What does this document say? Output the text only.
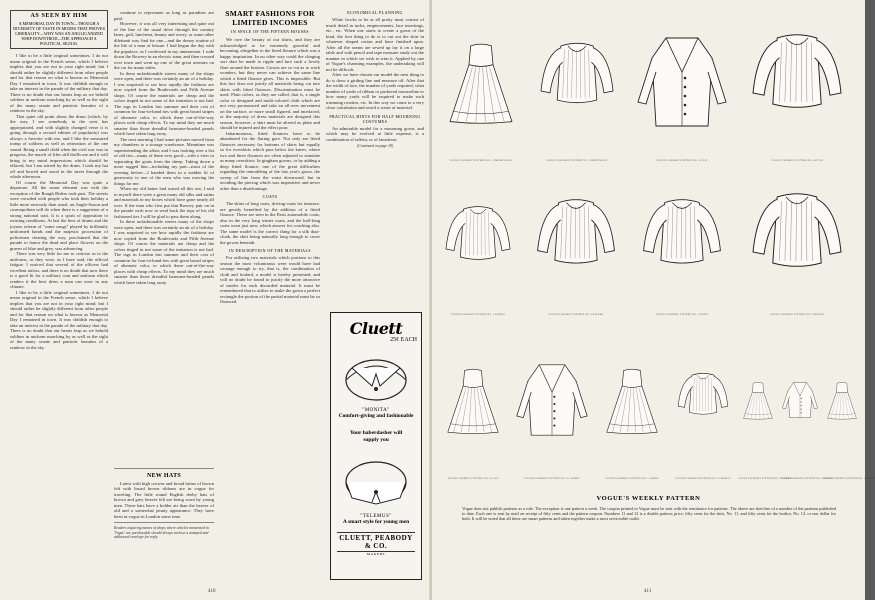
AS SEEN BY HIM
A MEMORIAL DAY IN TOWN—THOUGH A DIVERSITY OF TASTE IN MODES THAT PROVES LIBERALITY—WHY WAS AN ANGLICANIZED WHIP DOWNTROD—THE APPROACH A POLITICAL SIGNAL

I like to be a little original sometimes. I do not mean original in the French sense, which I believe implies that you are not in your right mind; but I should rather be slightly different from other people and for that reason on what is known as Memorial Day I remained in town. It was childish enough to take an interest in the parade of the military that day. There is no doubt that our hearts leap as we behold soldiers in uniform marching by as well as the sight of the many ornate and patriotic beauties of a rainbow in the sky.

That quiet old point about the drum (which, by the way, I see somebody in the west has appropriated, and with slightly changed verse it is going through a second edition of popularity) was always a favorite with me, and I like the measured tramp of soldiers as well as reiteration of the one sound. Being a small child when the civil war was in progress, the march of fifes still thrills me and it will bring to my mind impressions which should be effaced, but I am stirred by the drum. I took my hat off and bowed and stood in the street through the whole afternoon.

Of course the Memorial Day was quite a departure. All the smart element was with the exception of the Rough Riders took part. The streets were crowded with people who took their holiday a little more seriously than usual, an Anglo-Saxon and cosmopolitan will do when there is a suggestion of a strong national trait. It is a spirit of opposition to existing conditions. At last the best of drums and the joyous refrain of "some songs" played by brilliantly uniformed bands and the majestic procession of policemen clearing the way, proclaimed that the parade to honor the dead and place flowers on the graves of blue and grey, was advancing.

There was very little for me to criticise as to the uniforms, as they were, as I have said, the official fatigue. I noticed that several of the officers had excellent tailors, and there is no doubt that now there is a good fit for a military coat and uniform which renders it the best dress a man can wear in any climate.

I like to be a little original sometimes. I do not mean original in the French sense, which I believe implies that you are not in your right mind; but I should rather be slightly different from other people and for that reason on what is known as Memorial Day I remained in town. It was childish enough to take an interest in the parade of the military that day. There is no doubt that our hearts leap as we behold soldiers in uniform marching by as well as the sight of the many ornate and patriotic beauties of a rainbow in the sky.

continue to rejuvenate as long as paradises are paid.

However, it was all very interesting and quite out of the line of the usual drive through the country lanes, golf, luncheon, beauty and worry, or some other dilettanti way find for one—and the dreary routine of the life of a man of leisure. I had begun the day with the populace, as I confessed in my amusement. I rode down the Bowery in an electric tram, and then crossed over town and went up one of the great avenues on the car for many miles.

In these unfashionable streets many of the shops were open, and there was certainly an air of a holiday. I was surprised to see how rapidly the fashions are now copied from the Boulevards and Fifth Avenue shops. Of course the materials are cheap and the colors tinged in not some of the imitation is not bad. The tags in London last summer and their cost of common for four-in-hand ties with great broad stripes of alternate color, to which these out-of-the-way places with cheap effects. To my mind they are much smarter than those dreadful hansome-headed panels which have taken long away.

The next morning I had some pictures moved from my chambers to a storage warehouse. Meantime was superintending the affair, and I was looking over a list of old ties—many of them very good—with a view to separating the goats from the sheep. Taking down a more rugged line—including my part—most of the evening before—I handed them in a sudden fit of generosity to one of the men who was moving the things for me.

When my old hatter had sorted all this out, I said to myself there were a great many old silks and satins and materials in my boxes which have gone nearly all over. If the man who first put that Bowery pair on in the parade wish now to send back the tops of his old fashioned ties I will be glad to pass them along.

In these unfashionable streets many of the shops were open, and there was certainly an air of a holiday. I was surprised to see how rapidly the fashions are now copied from the Boulevards and Fifth Avenue shops. Of course the materials are cheap and the colors tinged in not some of the imitation is not bad. The tags in London last summer and their cost of common for four-in-hand ties with great broad stripes of alternate color, to which these out-of-the-way places with cheap effects. To my mind they are much smarter than those dreadful hansome-headed panels which have taken long away.

NEW HATS

Latest with high crowns and broad brims of brown felt with broad brown ribbons are in vogue for traveling. The little round English derby hats of brown and grey beaver felt are being worn by young men. These hats have a bolder air than the beaver of old and a somewhat jaunty appearance. They have been in vogue in London some time.

Readers inquiring names of shops where articles mentioned in 'Vogue' are purchasable should always enclose a stamped and addressed envelope for reply.
SMART FASHIONS FOR LIMITED INCOMES
IN SPACE OF THE FIFTEEN HOUSES

We owe the beauty of our shirts, and they are acknowledged to be extremely graceful and becoming, altogether to the fitted flounce which was a happy inspiration. In no other way could the clinging sort skirt be made to ripple and lure such a lovely flare around the bottom. Gowns are so cut as to work wonders, but they never can achieve the same line which a fitted flounce gives. This is impossible. But this fact does not justify all materials being cut into skirts with fitted flounces. Discrimination must be used. Plain colors, as they are called, that is, a single color or designed and multi-colored cloth which are not very pronounced and take an all-over movement on the surface, or more small figured, and interlaced, or the majority of dress materials are designed this season, however, a skirt must be altered as plain and should be injured and the effect poor.

Inharmonious, fitted flounces have to be abandoned for the flaring gore. Not only are fitted flounces necessary for bottoms of skirts but equally so for overskirts which pass below the knees, where two and three flounces are often adjusted to simulate as many overskirts. In gingham gowns, or by adding a deep fitted flounce, one of the great difficulties regarding the remodeling of the last year's gown, the sweep of line from the waist downward, but in avoiding the piecing which was imperative and never other than a disadvantage.

COATS

The skirts of long coats, driving-coats for instance, are greatly benefited by the addition of a fitted flounce. These are seen in the Paris automobile coats, also in the very long winter coats, and the half-long coats worn just now, which answer for coaching also. The same model is the correct thing for a silk dust-cloak, the skirt being naturally long enough to cover the gowns beneath.

IN DESCRIPTION OF THE MATERIALS

For utilizing two materials which portions to this season the most voluminous were would have had courage enough to try, that is, the combination of cloth and foulard, a model is hereby presented, and will no doubt be found to justify the more attractive of modes for each discarded material. It must be remembered that to utilize to make the gown a perfect rectangle the portion of the partial material must be so flounced.

ECONOMICAL PLANNING

White frocks to be at all pretty must consist of much detail in tucks, empiecements, lace insertings, etc., etc. When one starts to create a gown of the kind, the first thing to do is to cut out the skirt in whatever shaped cotton and have finished upon. After all the seams are sewed up lay it on a large table and with pencil and tape measure study out the manner in which we wish to trim it. Applied by one of Vogue's charming examples, the undertaking will not be difficult.

After we have chosen our model the next thing to do is draw a girding line and measure off. After that the width of lace, the number of yards required, what number of yards of ribbon or puckered mousseline or how many yards will be required to make such trimming rosettes, etc. In this way we come to a very close calculation and avoid a waste of material.

PRACTICAL HINTS FOR HALF MOURNING COSTUMES

An admirable model for a mourning gown, and which may be evolved at little expense, is a combination of taffeta, or of lansdown

(Continued on page 18)
Cluett
25¢ EACH
"MONITA"
Comfort-giving and fashionable
Your haberdasher will
supply you
"TELEMUS"
A smart style for young men
CLUETT, PEABODY & CO.
MAKERS
410
VOGUE'S WEEKLY PATTERN NO. 1 EMPIRE GOWN	VOGUE'S WEEKLY PATTERN NO. 2 SHIRT WAIST	VOGUE'S WEEKLY PATTERN NO. 3 COAT	VOGUE'S WEEKLY PATTERN NO. 4 ETON
VOGUE'S WEEKLY PATTERN NO. 5 BODICE	VOGUE'S WEEKLY PATTERN NO. 6 BOLERO	VOGUE'S WEEKLY PATTERN NO. 7 WAIST	VOGUE'S WEEKLY PATTERN NO. 8 BLOUSE
VOGUE'S WEEKLY PATTERN NO. 9 CAPE	VOGUE'S WEEKLY PATTERN NO. 10 JACKET	VOGUE'S WEEKLY PATTERN NO. 11 SKIRT	VOGUE'S WEEKLY PATTERN NO. 12 BODICE	VOGUE'S WEEKLY PATTERN NO. 13 GOWN
VOGUE'S WEEKLY PATTERN NO. 14 COAT
VOGUE'S WEEKLY PATTERN NO. 15 SKIRT
VOGUE'S WEEKLY PATTERN
Vogue does not publish patterns as a rule. The exception is one pattern a week. The coupon printed in Vogue must be sent with the remittance for patterns. The above are sketches of a number of the patterns published to date. Each one is sent by mail on receipt of fifty cents and the pattern coupon. Numbers 11 and 12 is a double pattern; price, fifty cents for the skirt, No. 11, and fifty cents for the bodice, No. 12, or one dollar for both. It will be noted that all these are smart patterns and taken together make a most serviceable outfit.
411
